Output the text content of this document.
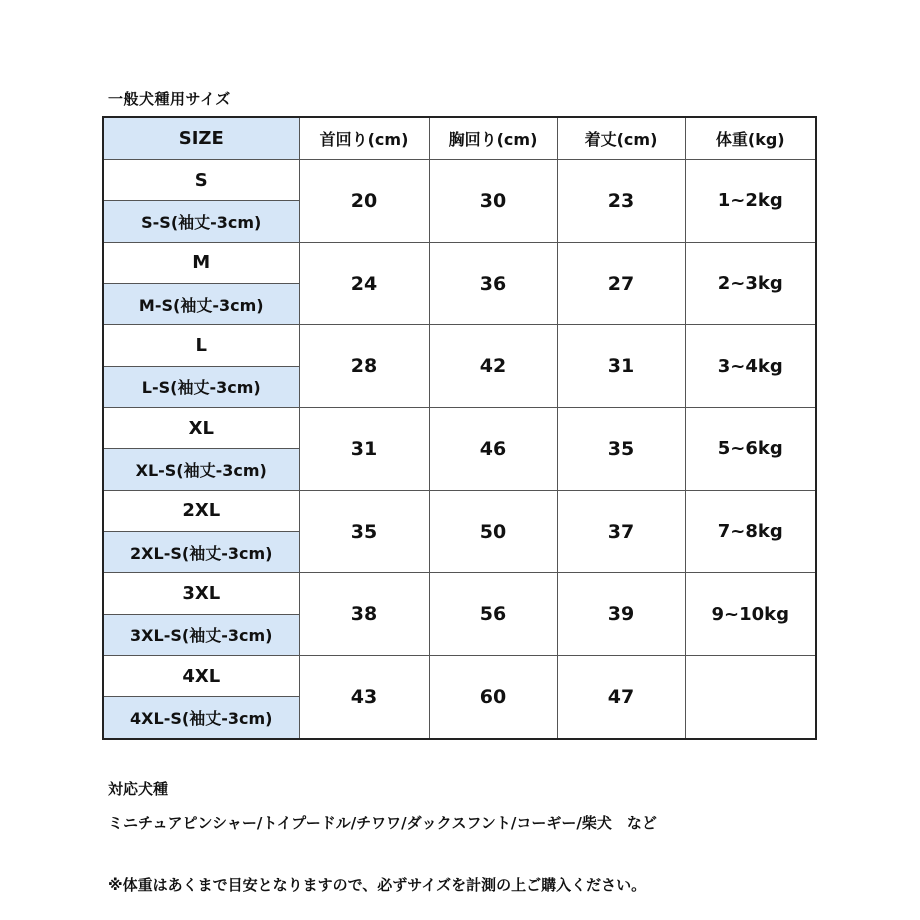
一般犬種用サイズ
SIZE	首回り(cm)	胸回り(cm)	着丈(cm)	体重(kg)
S	20	30	23	1~2kg
S-S(袖丈-3cm)				
M	24	36	27	2~3kg
M-S(袖丈-3cm)				
L	28	42	31	3~4kg
L-S(袖丈-3cm)				
XL	31	46	35	5~6kg
XL-S(袖丈-3cm)				
2XL	35	50	37	7~8kg
2XL-S(袖丈-3cm)				
3XL	38	56	39	9~10kg
3XL-S(袖丈-3cm)				
4XL	43	60	47	
4XL-S(袖丈-3cm)				
対応犬種
ミニチュアピンシャー/トイプードル/チワワ/ダックスフント/コーギー/柴犬　など
※体重はあくまで目安となりますので、必ずサイズを計測の上ご購入ください。
